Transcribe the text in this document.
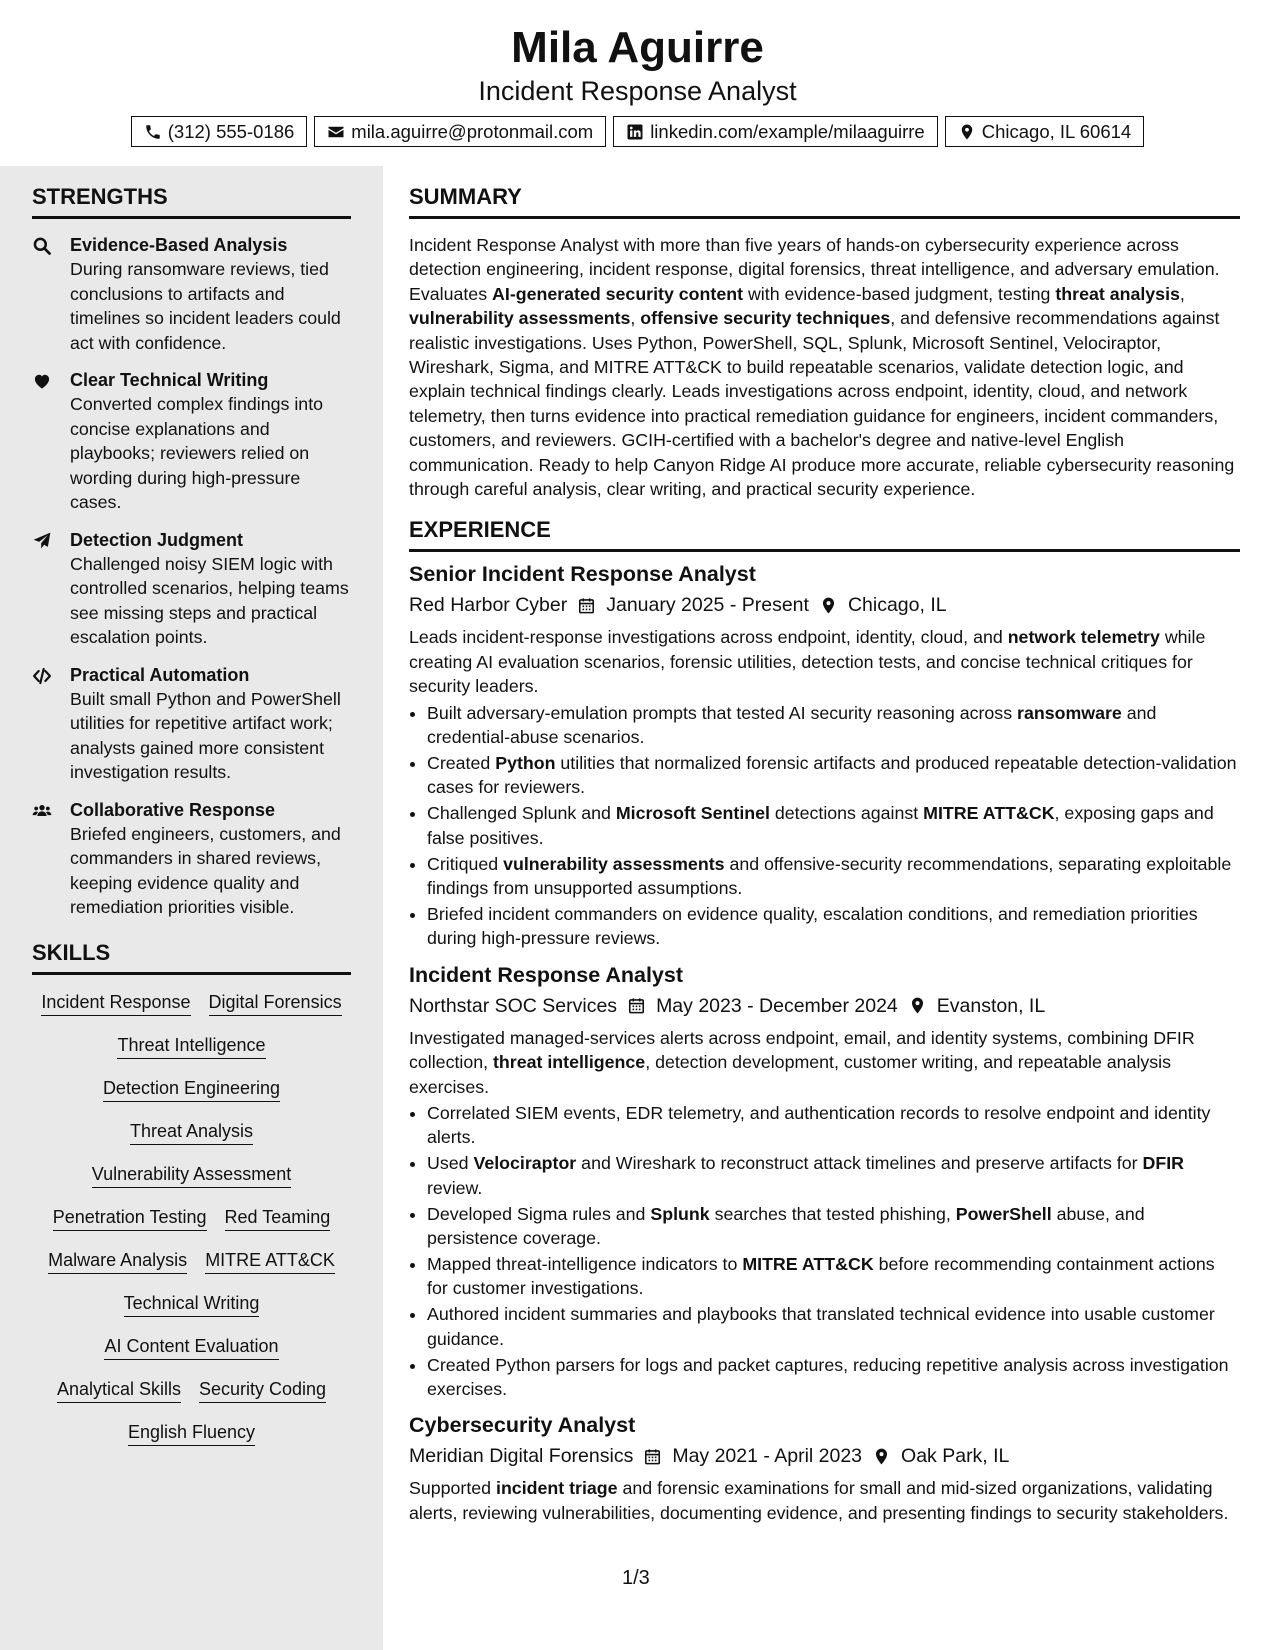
Mila Aguirre
Incident Response Analyst
(312) 555-0186	mila.aguirre@protonmail.com	linkedin.com/example/milaaguirre	Chicago, IL 60614
STRENGTHS
Evidence-Based Analysis
During ransomware reviews, tied conclusions to artifacts and timelines so incident leaders could act with confidence.
Clear Technical Writing
Converted complex findings into concise explanations and playbooks; reviewers relied on wording during high-pressure cases.
Detection Judgment
Challenged noisy SIEM logic with controlled scenarios, helping teams see missing steps and practical escalation points.
Practical Automation
Built small Python and PowerShell utilities for repetitive artifact work; analysts gained more consistent investigation results.
Collaborative Response
Briefed engineers, customers, and commanders in shared reviews, keeping evidence quality and remediation priorities visible.
SKILLS
Incident Response Digital Forensics
Threat Intelligence
Detection Engineering
Threat Analysis
Vulnerability Assessment
Penetration Testing Red Teaming
Malware Analysis MITRE ATT&CK
Technical Writing
AI Content Evaluation
Analytical Skills Security Coding
English Fluency
SUMMARY

Incident Response Analyst with more than five years of hands-on cybersecurity experience across detection engineering, incident response, digital forensics, threat intelligence, and adversary emulation. Evaluates AI-generated security content with evidence-based judgment, testing threat analysis, vulnerability assessments, offensive security techniques, and defensive recommendations against realistic investigations. Uses Python, PowerShell, SQL, Splunk, Microsoft Sentinel, Velociraptor, Wireshark, Sigma, and MITRE ATT&CK to build repeatable scenarios, validate detection logic, and explain technical findings clearly. Leads investigations across endpoint, identity, cloud, and network telemetry, then turns evidence into practical remediation guidance for engineers, incident commanders, customers, and reviewers. GCIH-certified with a bachelor's degree and native-level English communication. Ready to help Canyon Ridge AI produce more accurate, reliable cybersecurity reasoning through careful analysis, clear writing, and practical security experience.

EXPERIENCE
Senior Incident Response Analyst
Red Harbor Cyber January 2025 - Present Chicago, IL

Leads incident-response investigations across endpoint, identity, cloud, and network telemetry while creating AI evaluation scenarios, forensic utilities, detection tests, and concise technical critiques for security leaders.

• Built adversary-emulation prompts that tested AI security reasoning across ransomware and credential-abuse scenarios.
• Created Python utilities that normalized forensic artifacts and produced repeatable detection-validation cases for reviewers.
• Challenged Splunk and Microsoft Sentinel detections against MITRE ATT&CK, exposing gaps and false positives.
• Critiqued vulnerability assessments and offensive-security recommendations, separating exploitable findings from unsupported assumptions.
• Briefed incident commanders on evidence quality, escalation conditions, and remediation priorities during high-pressure reviews.
Incident Response Analyst
Northstar SOC Services May 2023 - December 2024 Evanston, IL

Investigated managed-services alerts across endpoint, email, and identity systems, combining DFIR collection, threat intelligence, detection development, customer writing, and repeatable analysis exercises.

• Correlated SIEM events, EDR telemetry, and authentication records to resolve endpoint and identity alerts.
• Used Velociraptor and Wireshark to reconstruct attack timelines and preserve artifacts for DFIR review.
• Developed Sigma rules and Splunk searches that tested phishing, PowerShell abuse, and persistence coverage.
• Mapped threat-intelligence indicators to MITRE ATT&CK before recommending containment actions for customer investigations.
• Authored incident summaries and playbooks that translated technical evidence into usable customer guidance.
• Created Python parsers for logs and packet captures, reducing repetitive analysis across investigation exercises.
Cybersecurity Analyst
Meridian Digital Forensics May 2021 - April 2023 Oak Park, IL

Supported incident triage and forensic examinations for small and mid-sized organizations, validating alerts, reviewing vulnerabilities, documenting evidence, and presenting findings to security stakeholders.

1/3
